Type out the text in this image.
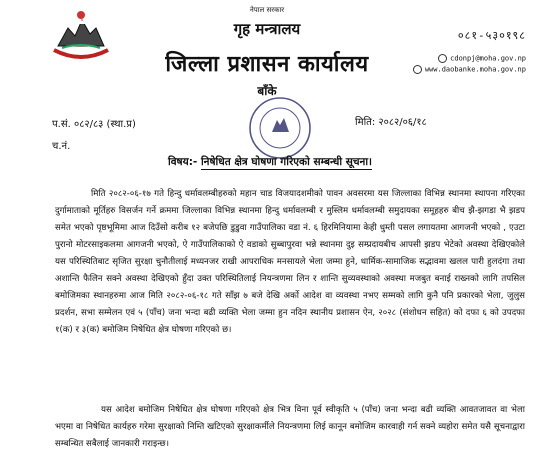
नेपाल सरकार
गृह मन्त्रालय
जिल्ला प्रशासन कार्यालय
बाँके
०८१-५३०१९८
cdonpj@moha.gov.np
www.daobanke.moha.gov.np
प.सं. ०८२/८३ (स्था.प्र)
च.नं.
मिति: २०८२/०६/१८
विषय:- निषेधित क्षेत्र घोषणा गरिएको सम्बन्धी सूचना।
मिति २०८२-०६-१७ गते हिन्दु धर्मावलम्बीहरुको महान चाड विजयादशमीको पावन अवसरमा यस जिल्लाका विभिन्न स्थानमा स्थापना गरिएका दुर्गामाताको मूर्तिहरु विसर्जन गर्ने क्रममा जिल्लाका विभिन्न स्थानमा हिन्दु धर्मावलम्बी र मुस्लिम धर्मावलम्बी समुदायका समूहहरु बीच झै-झगडा भै झडप समेत भएको पृष्ठभूमिमा आज दिउँसो करीब १२ बजेपछि डुडुवा गाउँपालिका वडा नं. ६ हिरमिनियामा केही धुम्ती पसल लगायतमा आगजनी भएको , एउटा पुरानो मोटरसाइकलमा आगजनी भएको, ऐ गाउँपालिकाको ऐ वडाको सुब्बापुरवा भन्ने स्थानमा दुइ सम्प्रदायबीच आपसी झडप भेटेको अवस्था देखिएकोले यस परिस्थितिबाट सृजित सुरक्षा चुनौतीलाई मध्यनजर राखी आपराधिक मनसायले भेला जम्मा हुने, धार्मिक-सामाजिक सद्भावमा खलल पारी हुलदंगा तथा अशान्ति फैलिन सक्ने अवस्था देखिएको हुँदा उक्त परिस्थितिलाई नियन्त्रणमा लिन र शान्ति सुव्यवस्थाको अवस्था मजबुत बनाई राख्नको लागि तपसिल बमोजिमका स्थानहरुमा आज मिति २०८२-०६-१८ गते साँझ ७ बजे देखि अर्को आदेश वा व्यवस्था नभए सम्मको लागि कुनै पनि प्रकारको भेला, जुलुस प्रदर्शन, सभा सम्मेलन एवं ५ (पाँच) जना भन्दा बढी व्यक्ति भेला जम्मा हुन नदिन स्थानीय प्रशासन ऐन, २०२८ (संशोधन सहित) को दफा ६ को उपदफा १(क) र ३(क) बमोजिम निषेधित क्षेत्र घोषणा गरिएको छ।
यस आदेश बमोजिम निषेधित क्षेत्र घोषणा गरिएको क्षेत्र भित्र विना पूर्व स्वीकृति ५ (पाँच) जना भन्दा बढी व्यक्ति आवतजावत वा भेला भएमा वा निषेधित कार्यहरु गरेमा सुरक्षाको निम्ति खटिएको सुरक्षाकर्मीले नियन्त्रणमा लिई कानून बमोजिम कारवाही गर्न सक्ने व्यहोरा समेत यसै सूचनाद्वारा सम्बन्धित सबैलाई जानकारी गराइन्छ।
